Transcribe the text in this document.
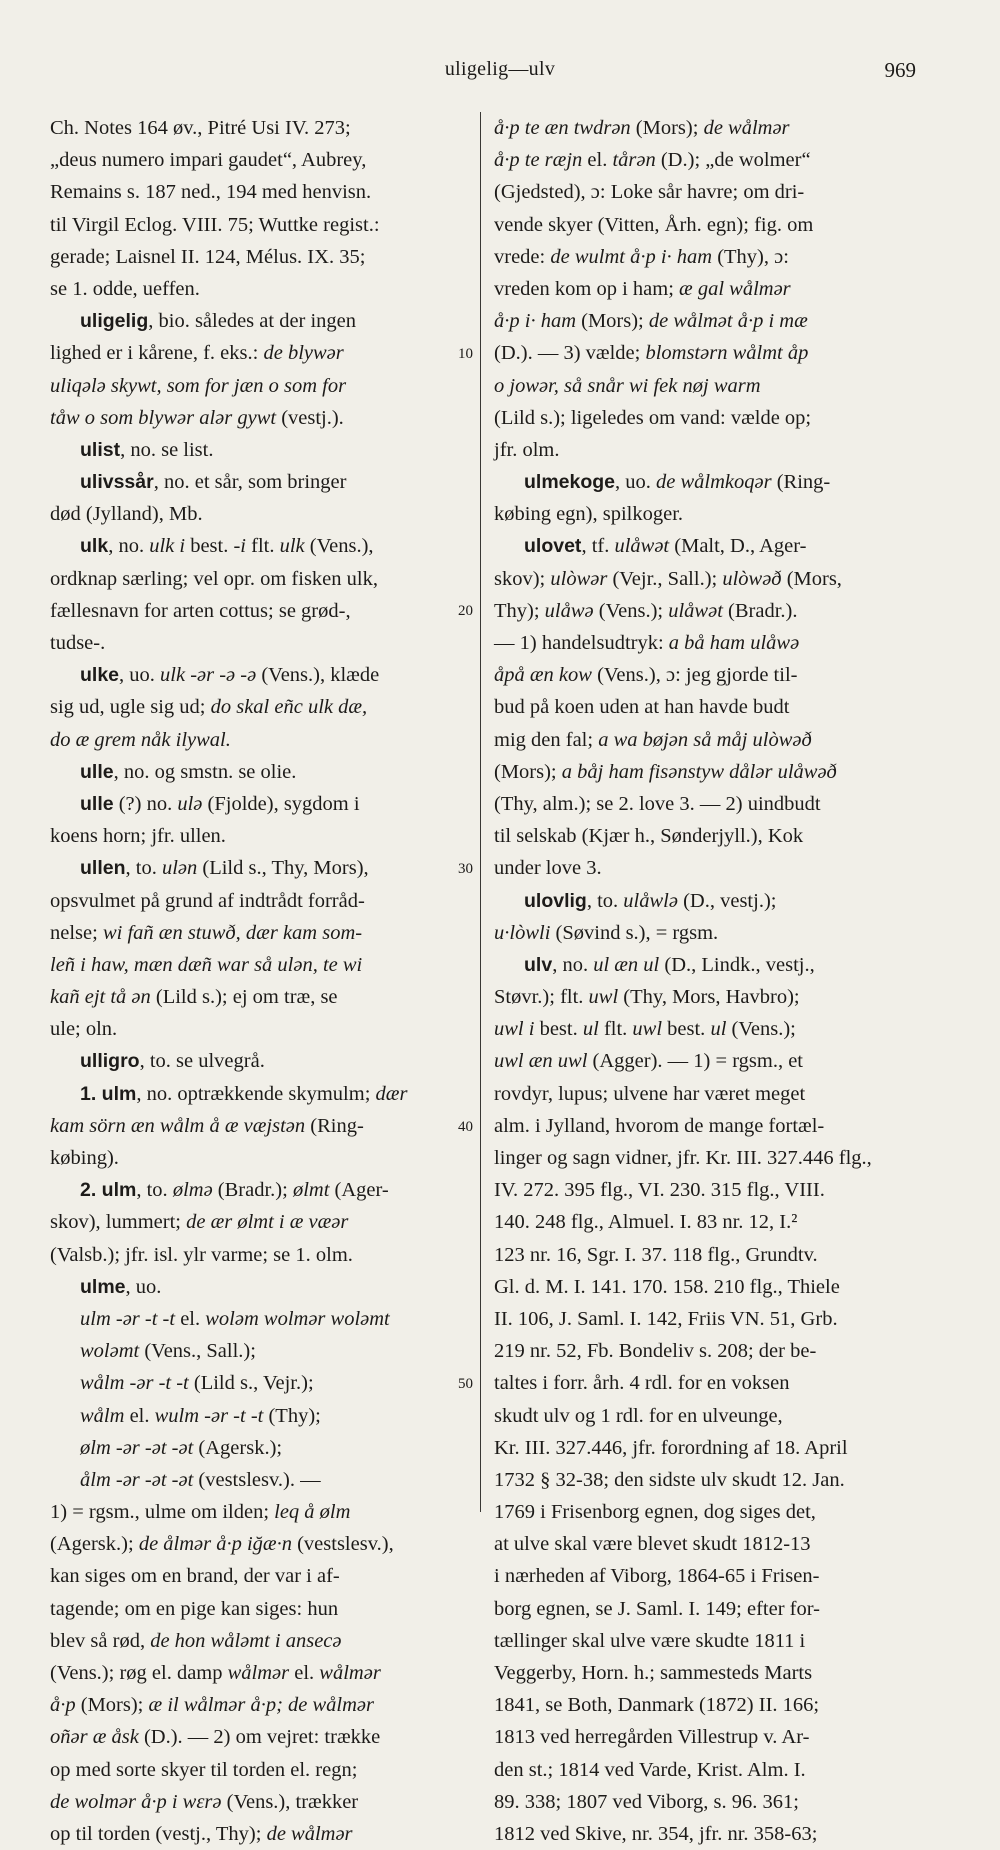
uligelig—ulv	969
Ch. Notes 164 øv., Pitré Usi IV. 273;
„deus numero impari gaudet“, Aubrey,
Remains s. 187 ned., 194 med henvisn.
til Virgil Eclog. VIII. 75; Wuttke regist.:
gerade; Laisnel II. 124, Mélus. IX. 35;
se 1. odde, ueffen.
uligelig, bio. således at der ingen
lighed er i kårene, f. eks.: de blywər
uliqələ skywt, som for jæn o som for
tåw o som blywər alər gywt (vestj.).
ulist, no. se list.
ulivssår, no. et sår, som bringer
død (Jylland), Mb.
ulk, no. ulk i best. -i flt. ulk (Vens.),
ordknap særling; vel opr. om fisken ulk,
fællesnavn for arten cottus; se grød-,
tudse-.
ulke, uo. ulk -ər -ə -ə (Vens.), klæde
sig ud, ugle sig ud; do skal eñc ulk dæ,
do æ grem nåk ilywal.
ulle, no. og smstn. se olie.
ulle (?) no. ulə (Fjolde), sygdom i
koens horn; jfr. ullen.
ullen, to. ulən (Lild s., Thy, Mors),
opsvulmet på grund af indtrådt forråd-
nelse; wi fañ æn stuwð, dær kam som-
leñ i haw, mæn dæñ war så ulən, te wi
kañ ejt tå ən (Lild s.); ej om træ, se
ule; oln.
ulligro, to. se ulvegrå.
1. ulm, no. optrækkende skymulm; dær
kam sörn æn wålm å æ væjstən (Ring-
købing).
2. ulm, to. ølmə (Bradr.); ølmt (Ager-
skov), lummert; de ær ølmt i æ væər
(Valsb.); jfr. isl. ylr varme; se 1. olm.
ulme, uo.
ulm -ər -t -t el. woləm wolmər woləmt
woləmt (Vens., Sall.);
wålm -ər -t -t (Lild s., Vejr.);
wålm el. wulm -ər -t -t (Thy);
ølm -ər -ət -ət (Agersk.);
ålm -ər -ət -ət (vestslesv.). —
1) = rgsm., ulme om ilden; leq å ølm
(Agersk.); de ålmər å·p iğæ·n (vestslesv.),
kan siges om en brand, der var i af-
tagende; om en pige kan siges: hun
blev så rød, de hon wåləmt i ansecə
(Vens.); røg el. damp wålmər el. wålmər
å·p (Mors); æ il wålmər å·p; de wålmər
oñər æ åsk (D.). — 2) om vejret: trække
op med sorte skyer til torden el. regn;
de wolmər å·p i wɛrə (Vens.), trækker
op til torden (vestj., Thy); de wålmər
å·p te æn twdrən (Mors); de wålmər
å·p te ræjn el. tårən (D.); „de wolmer“
(Gjedsted), ɔ: Loke sår havre; om dri-
vende skyer (Vitten, Årh. egn); fig. om
vrede: de wulmt å·p i· ham (Thy), ɔ:
vreden kom op i ham; æ gal wålmər
å·p i· ham (Mors); de wålmət å·p i mæ
(D.). — 3) vælde; blomstərn wålmt åp
o jowər, så snår wi fek nøj warm
(Lild s.); ligeledes om vand: vælde op;
jfr. olm.
ulmekoge, uo. de wålmkoqər (Ring-
købing egn), spilkoger.
ulovet, tf. ulåwət (Malt, D., Ager-
skov); ulòwər (Vejr., Sall.); ulòwəð (Mors,
Thy); ulåwə (Vens.); ulåwət (Bradr.).
— 1) handelsudtryk: a bå ham ulåwə
åpå æn kow (Vens.), ɔ: jeg gjorde til-
bud på koen uden at han havde budt
mig den fal; a wa bøjən så måj ulòwəð
(Mors); a båj ham fisənstyw dålər ulåwəð
(Thy, alm.); se 2. love 3. — 2) uindbudt
til selskab (Kjær h., Sønderjyll.), Kok
under love 3.
ulovlig, to. ulåwlə (D., vestj.);
u·lòwli (Søvind s.), = rgsm.
ulv, no. ul æn ul (D., Lindk., vestj.,
Støvr.); flt. uwl (Thy, Mors, Havbro);
uwl i best. ul flt. uwl best. ul (Vens.);
uwl æn uwl (Agger). — 1) = rgsm., et
rovdyr, lupus; ulvene har været meget
alm. i Jylland, hvorom de mange fortæl-
linger og sagn vidner, jfr. Kr. III. 327.446 flg.,
IV. 272. 395 flg., VI. 230. 315 flg., VIII.
140. 248 flg., Almuel. I. 83 nr. 12, I.²
123 nr. 16, Sgr. I. 37. 118 flg., Grundtv.
Gl. d. M. I. 141. 170. 158. 210 flg., Thiele
II. 106, J. Saml. I. 142, Friis VN. 51, Grb.
219 nr. 52, Fb. Bondeliv s. 208; der be-
taltes i forr. årh. 4 rdl. for en voksen
skudt ulv og 1 rdl. for en ulveunge,
Kr. III. 327.446, jfr. forordning af 18. April
1732 § 32-38; den sidste ulv skudt 12. Jan.
1769 i Frisenborg egnen, dog siges det,
at ulve skal være blevet skudt 1812-13
i nærheden af Viborg, 1864-65 i Frisen-
borg egnen, se J. Saml. I. 149; efter for-
tællinger skal ulve være skudte 1811 i
Veggerby, Horn. h.; sammesteds Marts
1841, se Both, Danmark (1872) II. 166;
1813 ved herregården Villestrup v. Ar-
den st.; 1814 ved Varde, Krist. Alm. I.
89. 338; 1807 ved Viborg, s. 96. 361;
1812 ved Skive, nr. 354, jfr. nr. 358-63;
10
20
30
40
50
